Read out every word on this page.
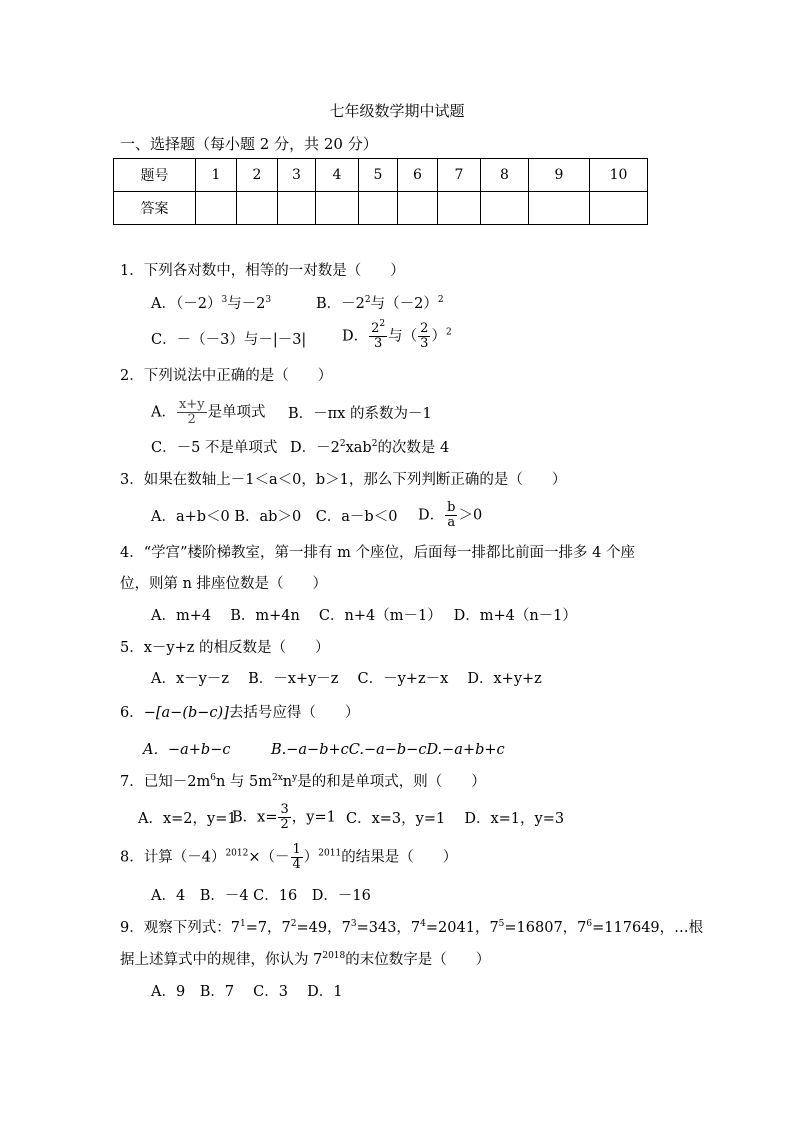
七年级数学期中试题
一、选择题（每小题 2 分，共 20 分）
题号	1	2	3	4	5	6	7	8	9	10
答案										
1．下列各对数中，相等的一对数是（　　）
A．$(-2)^3$与$-2^3$	B．$-2^2$与$(-2)^2$
C．－（－3）与－|－3| D． $\frac{2^2}{3}$ 与（ $\frac{2}{3} )^2$
2．下列说法中正确的是（　　）
A． $\frac{x+y}{2}$ 是单项式 B．－πx 的系数为－1
C．－5 不是单项式 D．$-2^2xab^2$的次数是 4
3．如果在数轴上－1＜a＜0，b＞1，那么下列判断正确的是（　　）
A．a+b＜0 B．ab＞0　C．a－b＜0 D． $\frac{b}{a} >0$
4．“学宫”楼阶梯教室，第一排有 m 个座位，后面每一排都比前面一排多 4 个座
位，则第 n 排座位数是（　　）
A．m+4　 B．m+4n　 C．n+4（m－1）　 D．m+4（n－1）
5．x－y+z 的相反数是（　　）
A．x－y－z　 B．－x+y－z　 C．－y+z－x　 D．x+y+z
6．−[a−(b−c)]去括号应得（　　）
A．−a+b−c	B.−a−b+cC.−a−b−cD.−a+b+c
7．已知$-2m^6n$ 与 $5m^{2x}n^y$是的和是单项式，则（　　）
A．x=2，y=1
B．$x= \frac{3}{2}$ ，y=1 C．x=3，y=1　 D．x=1，y=3
8．计算$(-4)^{2012}\times(- \frac{1}{4} )^{2011}$的结果是（　　）
A．4　B．－4 C．16　D．－16
9．观察下列式：$7^1=7$，$7^2=49$，$7^3=343$，$7^4=2041$，$7^5=16807$，$7^6=117649$，…根
据上述算式中的规律，你认为 $7^{2018}$的末位数字是（　　）
A．9　B．7　 C．3　 D．1
